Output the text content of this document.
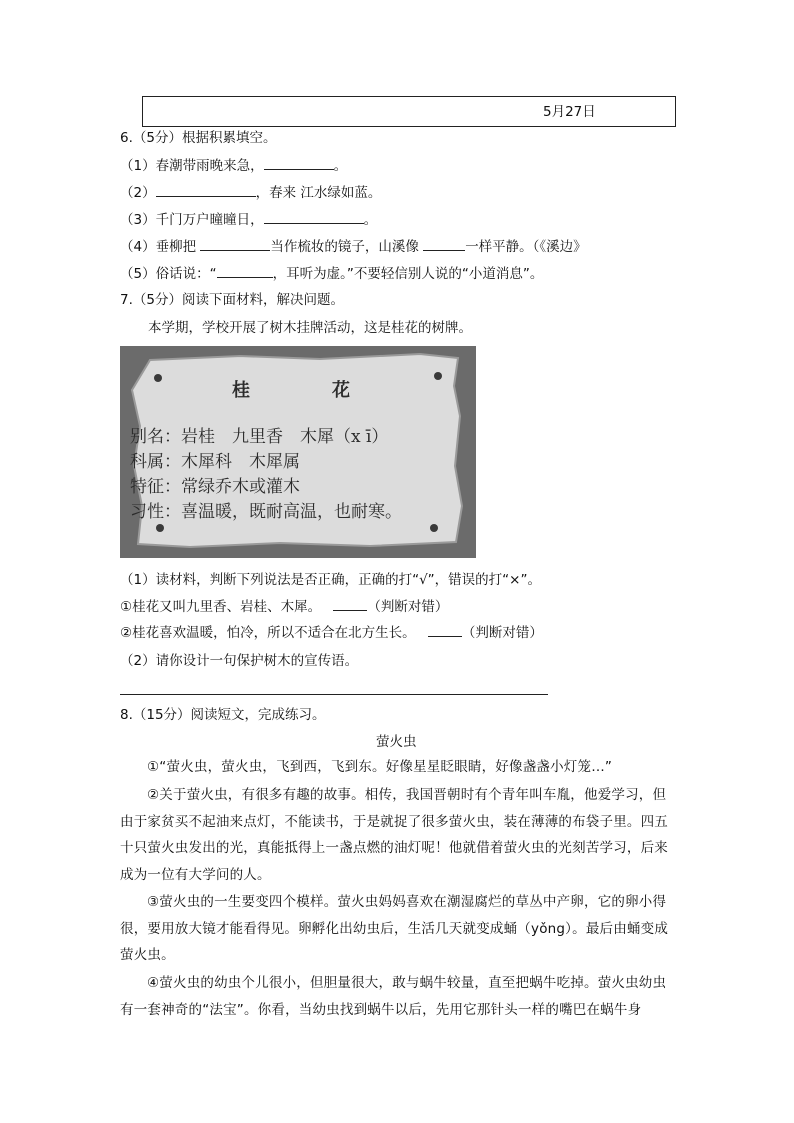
5月27日
6.（5分）根据积累填空。
（1）春潮带雨晚来急，	。
（2）	，春来 江水绿如蓝。
（3）千门万户曈曈日，	。
（4）垂柳把	当作梳妆的镜子，山溪像	一样平静。（《溪边》
（5）俗话说：“	，耳听为虚。”不要轻信别人说的“小道消息”。
7.（5分）阅读下面材料，解决问题。
本学期，学校开展了树木挂牌活动，这是桂花的树牌。
桂	花
别名：岩桂　九里香　木犀（x ī）
科属：木犀科　木犀属
特征：常绿乔木或灌木
习性：喜温暖，既耐高温，也耐寒。
（1）读材料，判断下列说法是否正确，正确的打“√”，错误的打“×”。
①桂花又叫九里香、岩桂、木犀。	（判断对错）
②桂花喜欢温暖，怕冷，所以不适合在北方生长。	（判断对错）
（2）请你设计一句保护树木的宣传语。
8.（15分）阅读短文，完成练习。
萤火虫
①“萤火虫，萤火虫，飞到西，飞到东。好像星星眨眼睛，好像盏盏小灯笼…”
②关于萤火虫，有很多有趣的故事。相传，我国晋朝时有个青年叫车胤，他爱学习，但由于家贫买不起油来点灯，不能读书，于是就捉了很多萤火虫，装在薄薄的布袋子里。四五十只萤火虫发出的光，真能抵得上一盏点燃的油灯呢！他就借着萤火虫的光刻苦学习，后来成为一位有大学问的人。
③萤火虫的一生要变四个模样。萤火虫妈妈喜欢在潮湿腐烂的草丛中产卵，它的卵小得很，要用放大镜才能看得见。卵孵化出幼虫后，生活几天就变成蛹（yǒng）。最后由蛹变成萤火虫。
④萤火虫的幼虫个儿很小，但胆量很大，敢与蜗牛较量，直至把蜗牛吃掉。萤火虫幼虫有一套神奇的“法宝”。你看，当幼虫找到蜗牛以后，先用它那针头一样的嘴巴在蜗牛身
